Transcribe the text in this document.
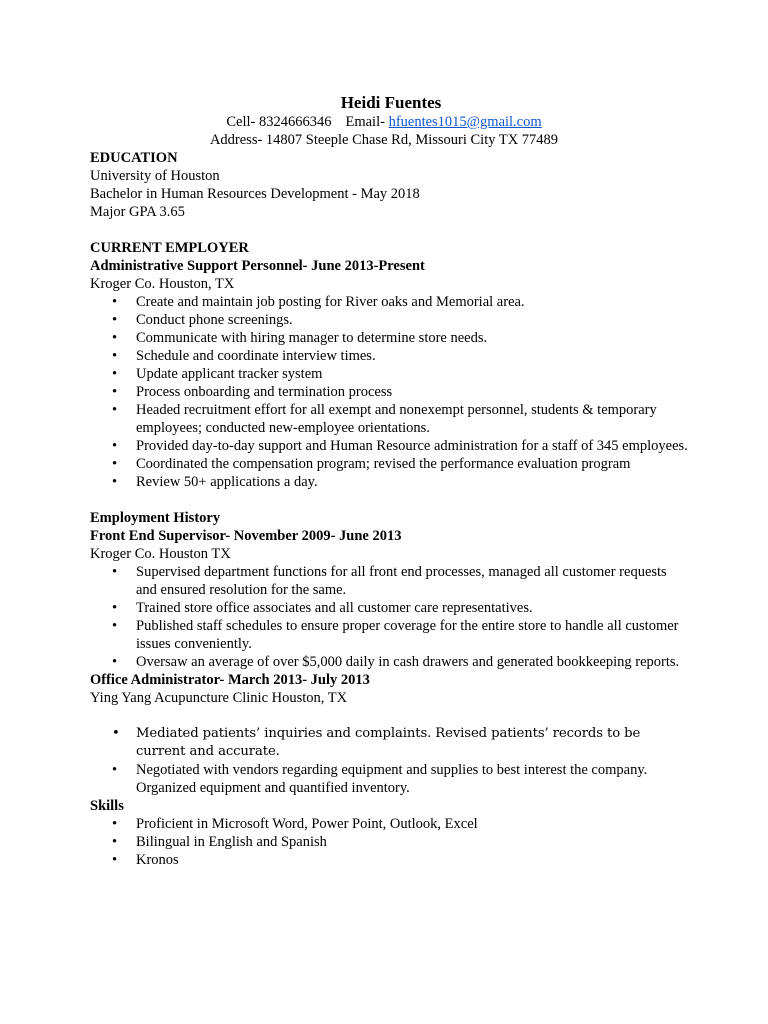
Heidi Fuentes

Cell- 8324666346 Email- hfuentes1015@gmail.com
Address- 14807 Steeple Chase Rd, Missouri City TX 77489
EDUCATION
University of Houston
Bachelor in Human Resources Development - May 2018
Major GPA 3.65
CURRENT EMPLOYER
Administrative Support Personnel- June 2013-Present
Kroger Co. Houston, TX
• Create and maintain job posting for River oaks and Memorial area.
• Conduct phone screenings.
• Communicate with hiring manager to determine store needs.
• Schedule and coordinate interview times.
• Update applicant tracker system
• Process onboarding and termination process
• Headed recruitment effort for all exempt and nonexempt personnel, students & temporary employees; conducted new-employee orientations.
• Provided day-to-day support and Human Resource administration for a staff of 345 employees.
• Coordinated the compensation program; revised the performance evaluation program
• Review 50+ applications a day.
Employment History
Front End Supervisor- November 2009- June 2013
Kroger Co. Houston TX
• Supervised department functions for all front end processes, managed all customer requests and ensured resolution for the same.
• Trained store office associates and all customer care representatives.
• Published staff schedules to ensure proper coverage for the entire store to handle all customer issues conveniently.
• Oversaw an average of over $5,000 daily in cash drawers and generated bookkeeping reports.
Office Administrator- March 2013- July 2013
Ying Yang Acupuncture Clinic Houston, TX
• Mediated patients’ inquiries and complaints. Revised patients’ records to be current and accurate.
• Negotiated with vendors regarding equipment and supplies to best interest the company. Organized equipment and quantified inventory.
Skills
• Proficient in Microsoft Word, Power Point, Outlook, Excel
• Bilingual in English and Spanish
• Kronos
